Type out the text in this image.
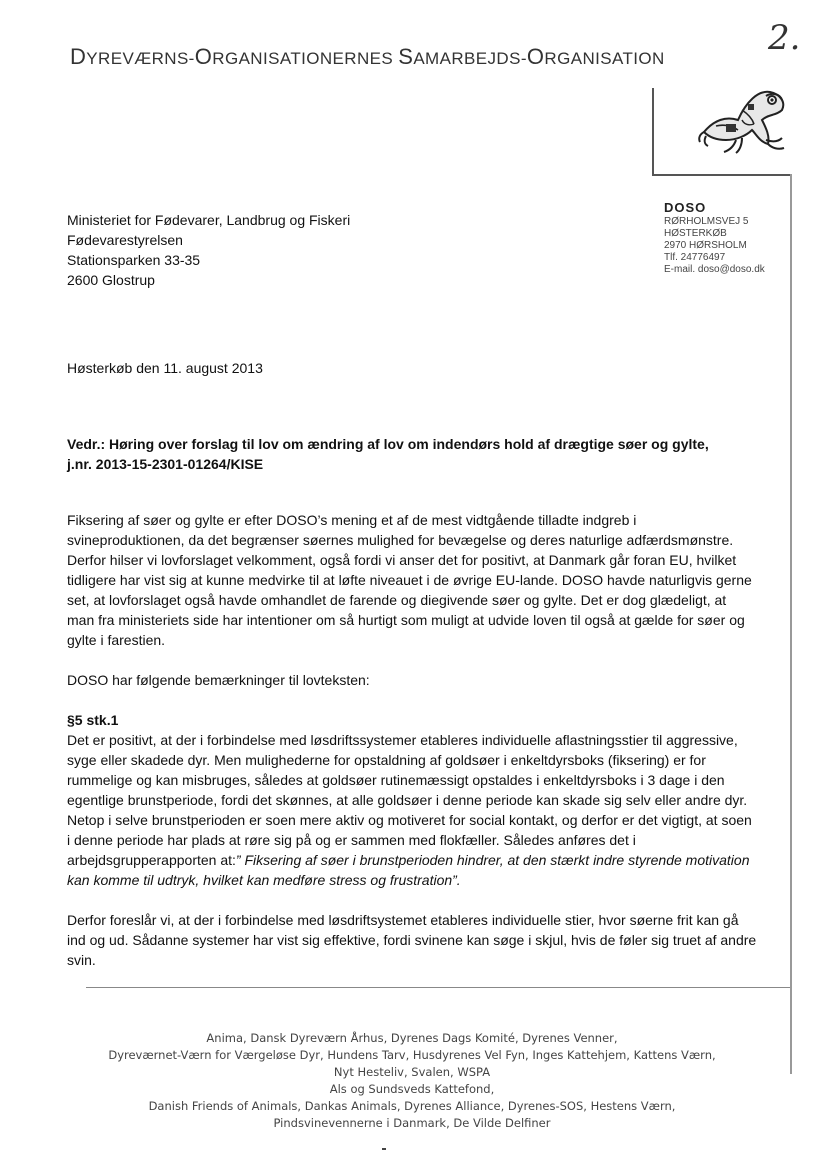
DYREVÆRNS-ORGANISATIONERNES SAMARBEJDS-ORGANISATION
2.
DOSO
RØRHOLMSVEJ 5
HØSTERKØB
2970 HØRSHOLM
Tlf. 24776497
E-mail. doso@doso.dk
Ministeriet for Fødevarer, Landbrug og Fiskeri
Fødevarestyrelsen
Stationsparken 33-35
2600 Glostrup
Høsterkøb den 11. august 2013
Vedr.: Høring over forslag til lov om ændring af lov om indendørs hold af drægtige søer og gylte,
j.nr. 2013-15-2301-01264/KISE

Fiksering af søer og gylte er efter DOSO’s mening et af de mest vidtgående tilladte indgreb i svineproduktionen, da det begrænser søernes mulighed for bevægelse og deres naturlige adfærdsmønstre. Derfor hilser vi lovforslaget velkomment, også fordi vi anser det for positivt, at Danmark går foran EU, hvilket tidligere har vist sig at kunne medvirke til at løfte niveauet i de øvrige EU-lande. DOSO havde naturligvis gerne set, at lovforslaget også havde omhandlet de farende og diegivende søer og gylte. Det er dog glædeligt, at man fra ministeriets side har intentioner om så hurtigt som muligt at udvide loven til også at gælde for søer og gylte i farestien.

DOSO har følgende bemærkninger til lovteksten:

§5 stk.1
Det er positivt, at der i forbindelse med løsdriftssystemer etableres individuelle aflastningsstier til aggressive, syge eller skadede dyr. Men mulighederne for opstaldning af goldsøer i enkeltdyrsboks (fiksering) er for rummelige og kan misbruges, således at goldsøer rutinemæssigt opstaldes i enkeltdyrsboks i 3 dage i den egentlige brunstperiode, fordi det skønnes, at alle goldsøer i denne periode kan skade sig selv eller andre dyr. Netop i selve brunstperioden er soen mere aktiv og motiveret for social kontakt, og derfor er det vigtigt, at soen i denne periode har plads at røre sig på og er sammen med flokfæller. Således anføres det i arbejdsgrupperapporten at:” Fiksering af søer i brunstperioden hindrer, at den stærkt indre styrende motivation kan komme til udtryk, hvilket kan medføre stress og frustration”.

Derfor foreslår vi, at der i forbindelse med løsdriftsystemet etableres individuelle stier, hvor søerne frit kan gå ind og ud. Sådanne systemer har vist sig effektive, fordi svinene kan søge i skjul, hvis de føler sig truet af andre svin.

Anima, Dansk Dyreværn Århus, Dyrenes Dags Komité, Dyrenes Venner,
Dyreværnet-Værn for Værgeløse Dyr, Hundens Tarv, Husdyrenes Vel Fyn, Inges Kattehjem, Kattens Værn,
Nyt Hesteliv, Svalen, WSPA
Als og Sundsveds Kattefond,
Danish Friends of Animals, Dankas Animals, Dyrenes Alliance, Dyrenes-SOS, Hestens Værn,
Pindsvinevennerne i Danmark, De Vilde Delfiner
